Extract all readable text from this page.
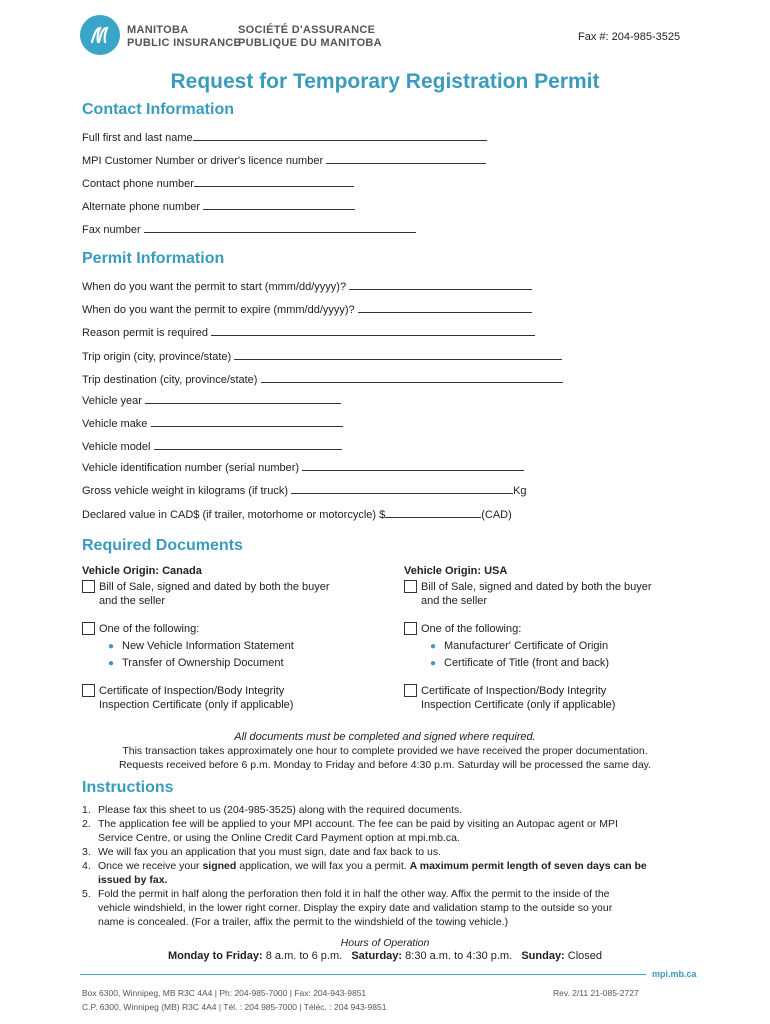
MANITOBA
PUBLIC INSURANCE
SOCIÉTÉ D'ASSURANCE
PUBLIQUE DU MANITOBA	Fax #: 204-985-3525
Request for Temporary Registration Permit
Contact Information
Full first and last name
MPI Customer Number or driver's licence number
Contact phone number
Alternate phone number
Fax number
Permit Information
When do you want the permit to start (mmm/dd/yyyy)?
When do you want the permit to expire (mmm/dd/yyyy)?
Reason permit is required
Trip origin (city, province/state)
Trip destination (city, province/state)
Vehicle year
Vehicle make
Vehicle model
Vehicle identification number (serial number)
Gross vehicle weight in kilograms (if truck)	Kg
Declared value in CAD$ (if trailer, motorhome or motorcycle) $	(CAD)
Required Documents
Vehicle Origin: Canada
Bill of Sale, signed and dated by both the buyer
and the seller
One of the following:
● New Vehicle Information Statement
● Transfer of Ownership Document
Certificate of Inspection/Body Integrity
Inspection Certificate (only if applicable)
Vehicle Origin: USA
Bill of Sale, signed and dated by both the buyer
and the seller
One of the following:
● Manufacturer' Certificate of Origin
● Certificate of Title (front and back)
Certificate of Inspection/Body Integrity
Inspection Certificate (only if applicable)
All documents must be completed and signed where required.
This transaction takes approximately one hour to complete provided we have received the proper documentation.
Requests received before 6 p.m. Monday to Friday and before 4:30 p.m. Saturday will be processed the same day.
Instructions
1. Please fax this sheet to us (204-985-3525) along with the required documents.
2. The application fee will be applied to your MPI account. The fee can be paid by visiting an Autopac agent or MPI
Service Centre, or using the Online Credit Card Payment option at mpi.mb.ca.
3. We will fax you an application that you must sign, date and fax back to us.
4. Once we receive your signed application, we will fax you a permit. A maximum permit length of seven days can be
issued by fax.
5. Fold the permit in half along the perforation then fold it in half the other way. Affix the permit to the inside of the
vehicle windshield, in the lower right corner. Display the expiry date and validation stamp to the outside so your
name is concealed. (For a trailer, affix the permit to the windshield of the towing vehicle.)
Hours of Operation
Monday to Friday: 8 a.m. to 6 p.m. Saturday: 8:30 a.m. to 4:30 p.m. Sunday: Closed
mpi.mb.ca
Box 6300, Winnipeg, MB R3C 4A4 | Ph: 204-985-7000 | Fax: 204-943-9851
C.P. 6300, Winnipeg (MB) R3C 4A4 | Tél. : 204 985-7000 | Téléc. : 204 943-9851
Rev. 2/11 21-085-2727
